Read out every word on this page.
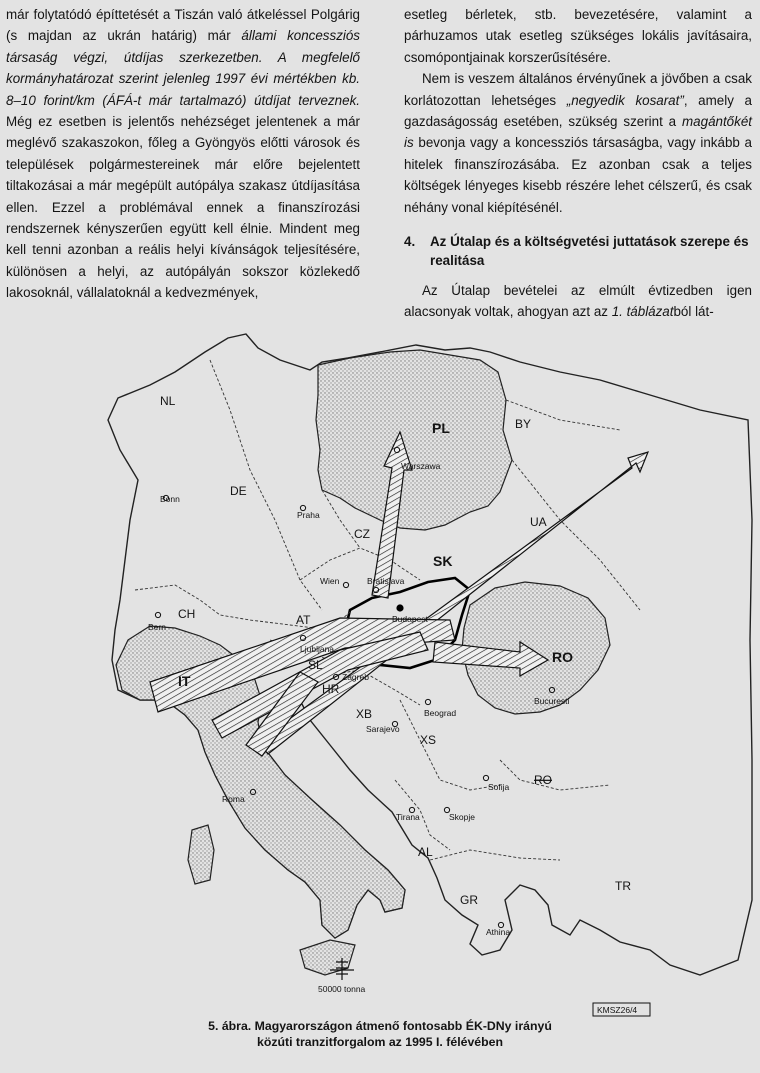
már folytatódó építtetését a Tiszán való átkeléssel Polgárig (s majdan az ukrán határig) már állami koncessziós társaság végzi, útdíjas szerkezetben. A megfelelő kormányhatározat szerint jelenleg 1997 évi mértékben kb. 8–10 forint/km (ÁFÁ-t már tartalmazó) útdíjat terveznek. Még ez esetben is jelentős nehézséget jelentenek a már meglévő szakaszokon, főleg a Gyöngyös előtti városok és települések polgármestereinek már előre bejelentett tiltakozásai a már megépült autópálya szakasz útdíjasítása ellen. Ezzel a problémával ennek a finanszírozási rendszernek kényszerűen együtt kell élnie. Mindent meg kell tenni azonban a reális helyi kívánságok teljesítésére, különösen a helyi, az autópályán sokszor közlekedő lakosoknál, vállalatoknál a kedvezmények,

esetleg bérletek, stb. bevezetésére, valamint a párhuzamos utak esetleg szükséges lokális javításaira, csomópontjainak korszerűsítésére.

Nem is veszem általános érvényűnek a jövőben a csak korlátozottan lehetséges „negyedik kosarat”, amely a gazdaságosság esetében, szükség szerint a magántőkét is bevonja vagy a koncessziós társaságba, vagy inkább a hitelek finanszírozásába. Ez azonban csak a teljes költségek lényeges kisebb részére lehet célszerű, és csak néhány vonal kiépítésénél.

4. Az Útalap és a költségvetési juttatások szerepe és realitása

Az Útalap bevételei az elmúlt évtizedben igen alacsonyak voltak, ahogyan azt az 1. táblázatból lát-

NL
DE
PL	BY
CZ
SK
UA
AT
CH
IT
SL
HR
RO
XB
XS
AL
GR
TR
RO
Warszawa
Bonn
Praha
Wien	Bratislava
Budapest
Bern
Ljubljana
Zagreb
Beograd
Bucuresti
Sarajevo
Roma
Sofija
Tirana	Skopje
Athina
50000 tonna
KMSZ26/4

5. ábra. Magyarországon átmenő fontosabb ÉK-DNy irányú

közúti tranzitforgalom az 1995 I. félévében
